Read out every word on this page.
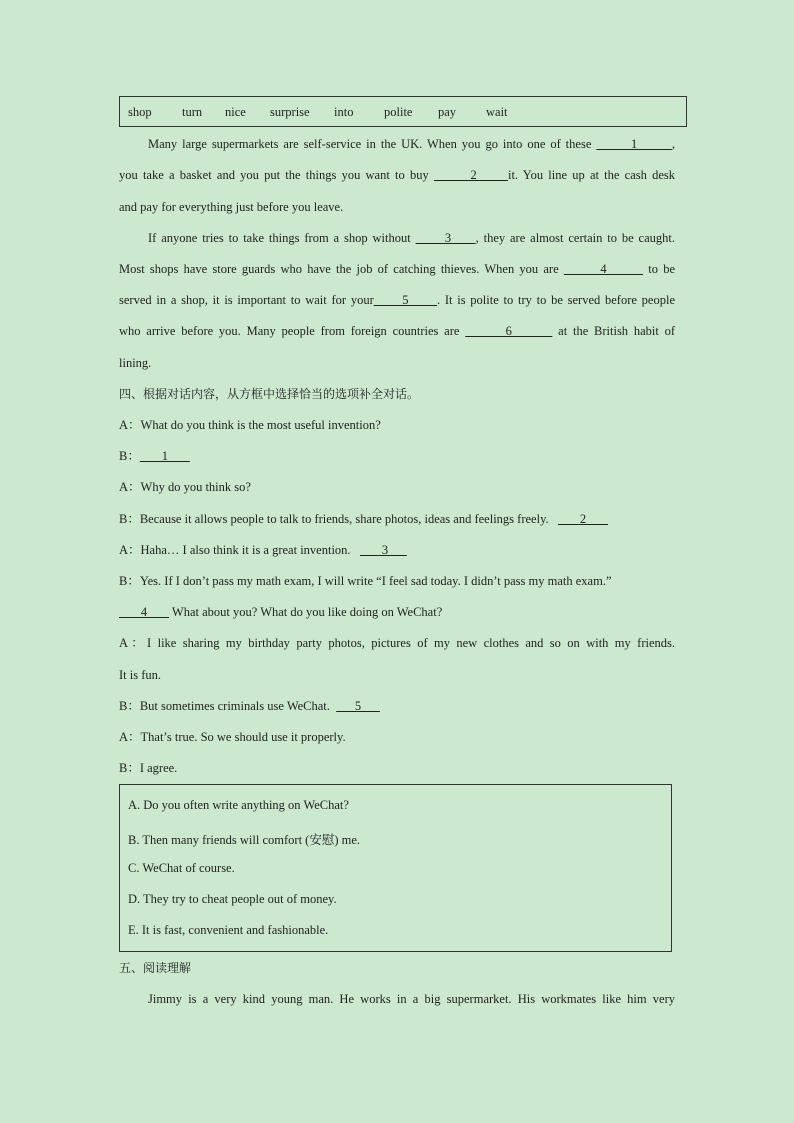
shop turn nice surprise into polite pay wait
Many large supermarkets are self-service in the UK. When you go into one of these        1       ,
you take a basket and you put the things you want to buy        2      it. You line up at the cash desk
and pay for everything just before you leave.
If anyone tries to take things from a shop without       3     , they are almost certain to be caught.
Most shops have store guards who have the job of catching thieves. When you are        4        to be
served in a shop, it is important to wait for your      5      . It is polite to try to be served before people
who arrive before you. Many people from foreign countries are        6        at the British habit of
lining.
四、根据对话内容，从方框中选择恰当的选项补全对话。
A：What do you think is the most useful invention?
B：       1
A：Why do you think so?
B：Because it allows people to talk to friends, share photos, ideas and feelings freely.          2
A：Haha… I also think it is a great invention.          3
B：Yes. If I don’t pass my math exam, I will write “I feel sad today. I didn’t pass my math exam.”
4        What about you? What do you like doing on WeChat?
A：I like sharing my birthday party photos, pictures of my new clothes and so on with my friends.
It is fun.
B：But sometimes criminals use WeChat.        5
A：That’s true. So we should use it properly.
B：I agree.
A. Do you often write anything on WeChat?
B. Then many friends will comfort (安慰) me.
C. WeChat of course.
D. They try to cheat people out of money.
E. It is fast, convenient and fashionable.
五、阅读理解
Jimmy is a very kind young man. He works in a big supermarket. His workmates like him very
